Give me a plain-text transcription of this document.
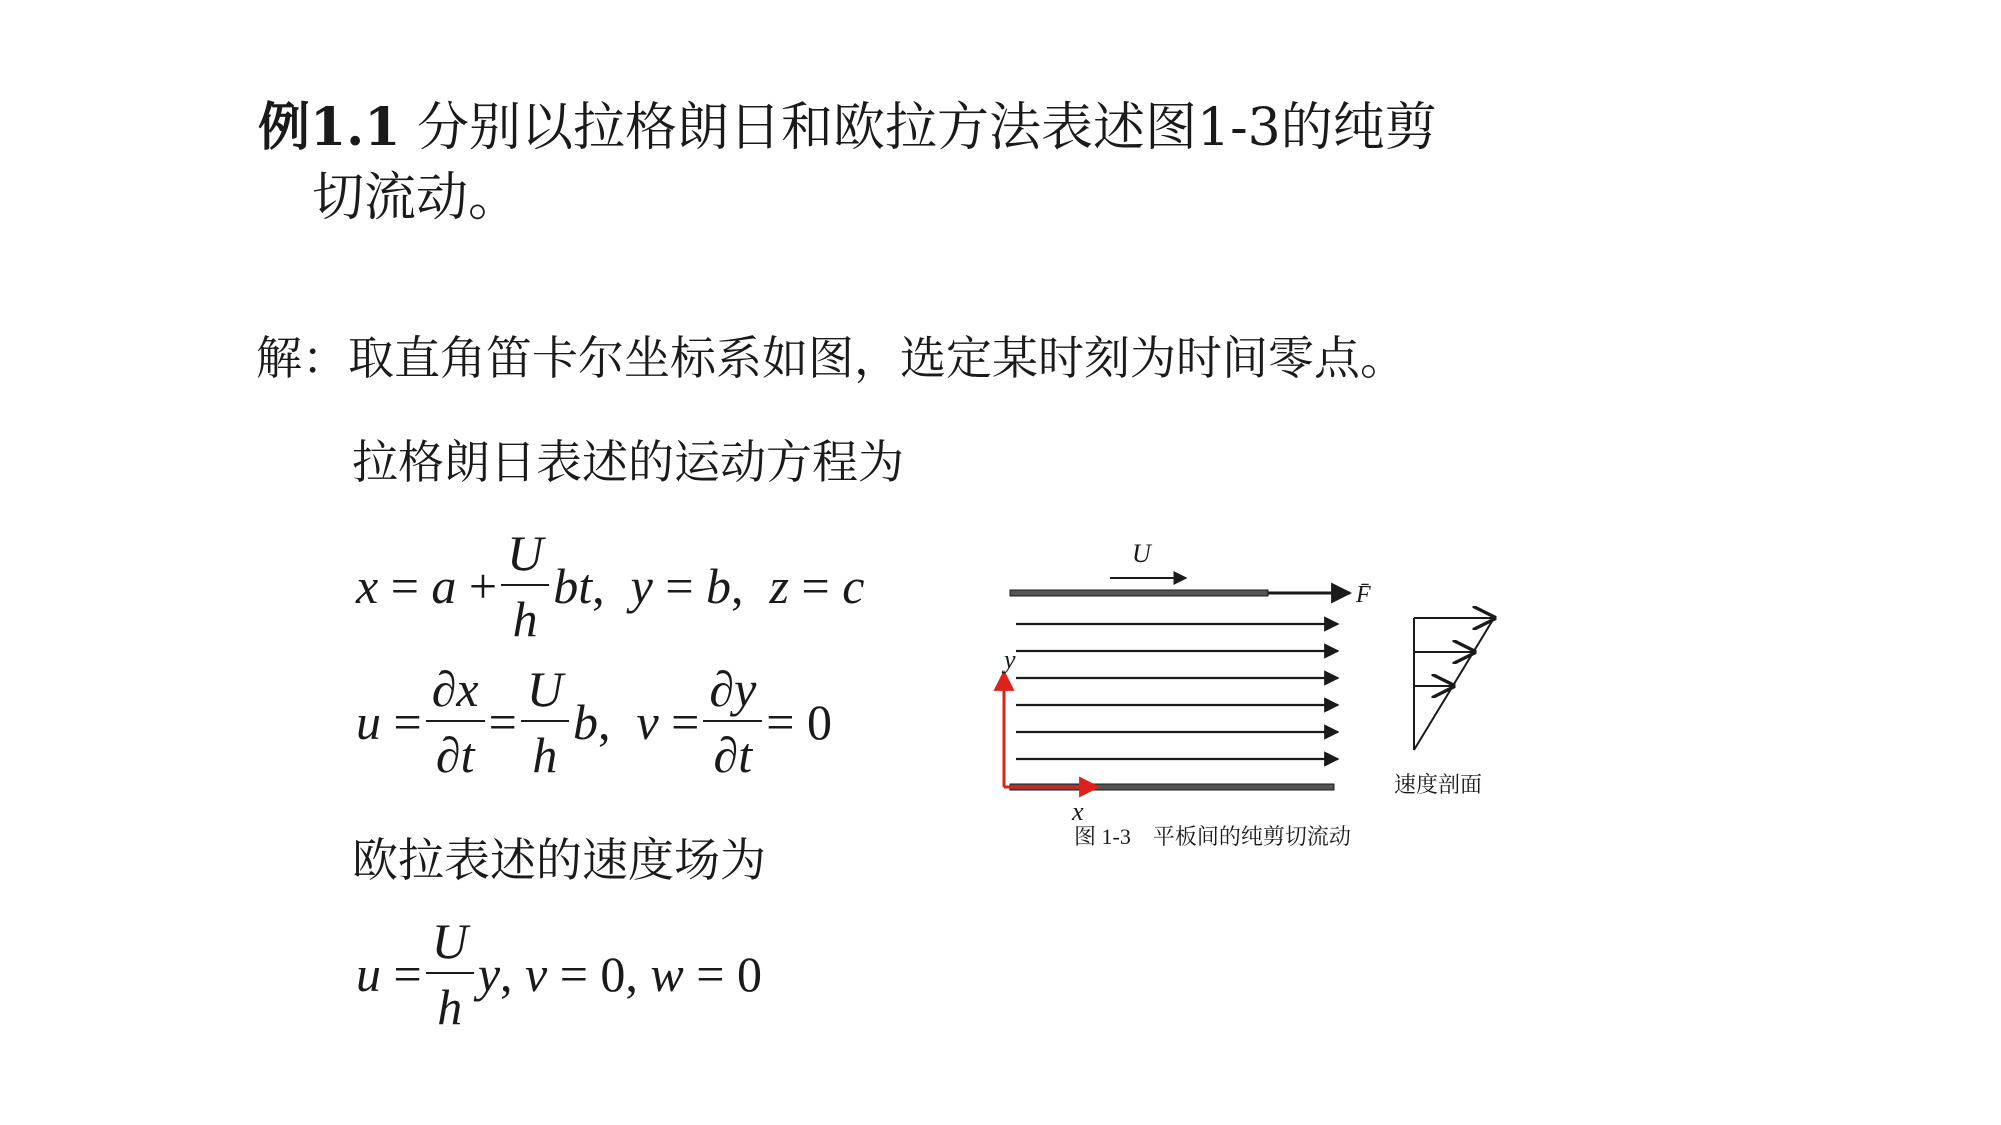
例1.1 分别以拉格朗日和欧拉方法表述图1-3的纯剪
切流动。
解：取直角笛卡尔坐标系如图，选定某时刻为时间零点。
拉格朗日表述的运动方程为
$x = a + \frac{U}{h}$ bt , y = b , z = c
$u = \frac{\partial x}{\partial t} = \frac{U}{h}$ b , $v = \frac{\partial y}{\partial t} = 0$
欧拉表述的速度场为
$u = \frac{U}{h}$ y , v = 0, w = 0
U
F̄
y
x
速度剖面
图 1-3　平板间的纯剪切流动
